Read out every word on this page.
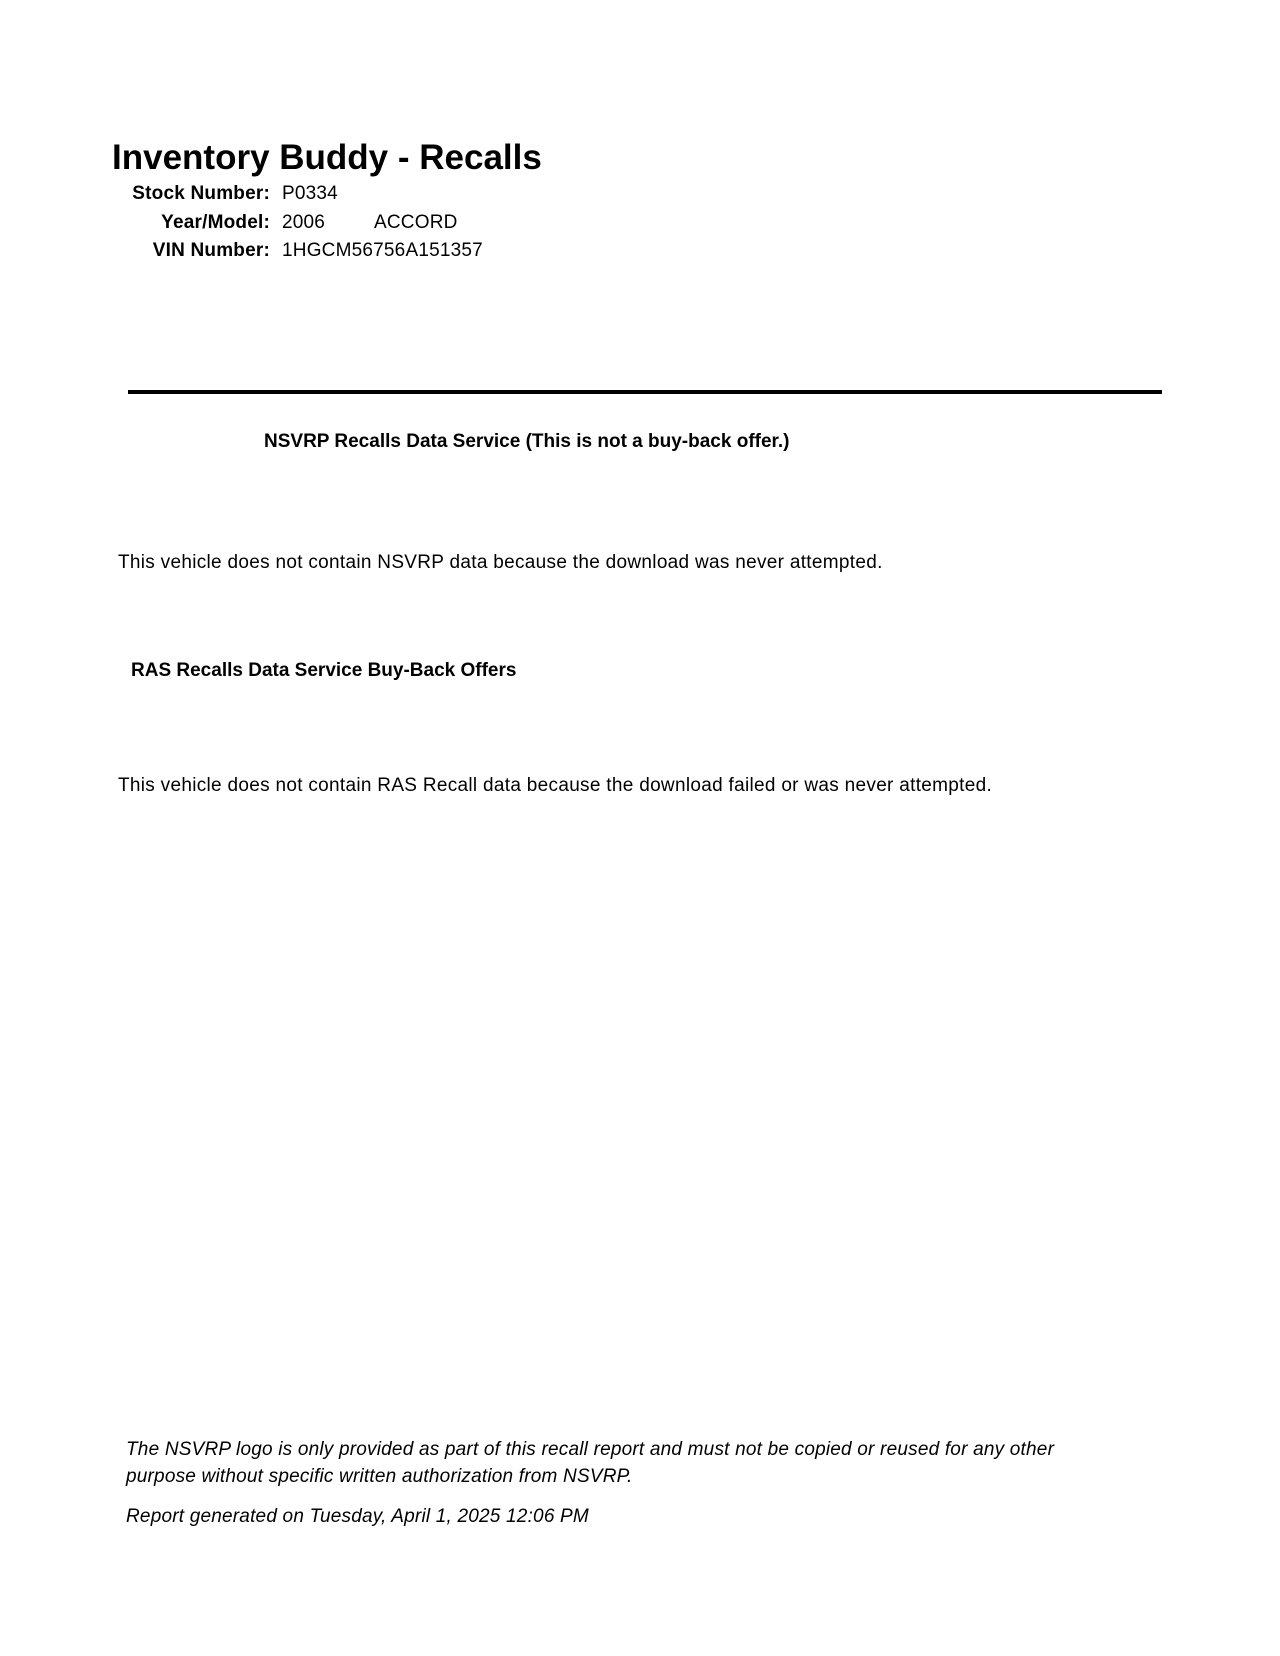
Inventory Buddy - Recalls
Stock Number: P0334
Year/Model: 2006	ACCORD
VIN Number: 1HGCM56756A151357
NSVRP Recalls Data Service (This is not a buy-back offer.)
This vehicle does not contain NSVRP data because the download was never attempted.
RAS Recalls Data Service Buy-Back Offers
This vehicle does not contain RAS Recall data because the download failed or was never attempted.
The NSVRP logo is only provided as part of this recall report and must not be copied or reused for any other
purpose without specific written authorization from NSVRP.
Report generated on Tuesday, April 1, 2025 12:06 PM
